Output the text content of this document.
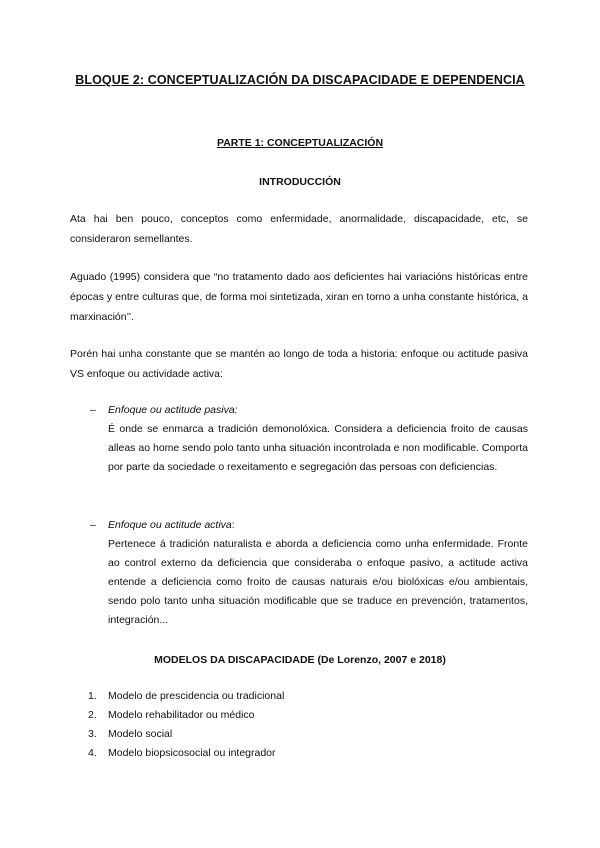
BLOQUE 2: CONCEPTUALIZACIÓN DA DISCAPACIDADE E DEPENDENCIA
PARTE 1: CONCEPTUALIZACIÓN
INTRODUCCIÓN

Ata hai ben pouco, conceptos como enfermidade, anormalidade, discapacidade, etc, se consideraron semellantes.

Aguado (1995) considera que “no tratamento dado aos deficientes hai variacións históricas entre épocas y entre culturas que, de forma moi sintetizada, xiran en torno a unha constante histórica, a marxinación’’.

Porén hai unha constante que se mantén ao longo de toda a historia: enfoque ou actitude pasiva VS enfoque ou actividade activa:

–	Enfoque ou actitude pasiva:
É onde se enmarca a tradición demonolóxica. Considera a deficiencia froito de causas alleas ao home sendo polo tanto unha situación incontrolada e non modificable. Comporta por parte da sociedade o rexeitamento e segregación das persoas con deficiencias.
–	Enfoque ou actitude activa:
Pertenece á tradición naturalista e aborda a deficiencia como unha enfermidade. Fronte ao control externo da deficiencia que consideraba o enfoque pasivo, a actitude activa entende a deficiencia como froito de causas naturais e/ou biolóxicas e/ou ambientais, sendo polo tanto unha situación modificable que se traduce en prevención, tratamentos, integración...
MODELOS DA DISCAPACIDADE (De Lorenzo, 2007 e 2018)
1. Modelo de prescidencia ou tradicional
2. Modelo rehabilitador ou médico
3. Modelo social
4. Modelo biopsicosocial ou integrador
